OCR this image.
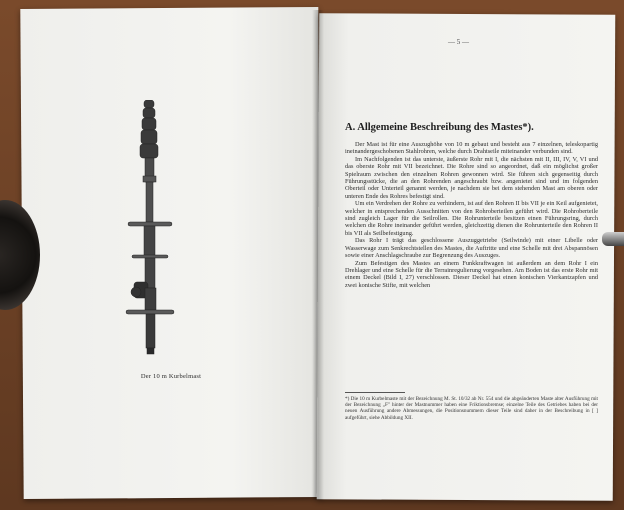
Der 10 m Kurbelmast
— 5 —
A. Allgemeine Beschreibung des Mastes*).

Der Mast ist für eine Auszughöhe von 10 m gebaut und besteht aus 7 einzelnen, teleskopartig ineinandergeschobenen Stahlrohren, welche durch Drahtseile miteinander verbunden sind.

Im Nachfolgenden ist das unterste, äußerste Rohr mit I, die nächsten mit II, III, IV, V, VI und das oberste Rohr mit VII bezeichnet. Die Rohre sind so angeordnet, daß ein möglichst großer Spielraum zwischen den einzelnen Rohren gewonnen wird. Sie führen sich gegenseitig durch Führungsstücke, die an den Rohrenden angeschraubt bzw. angenietet sind und im folgenden Oberteil oder Unterteil genannt werden, je nachdem sie bei dem stehenden Mast am oberen oder unteren Ende des Rohres befestigt sind.

Um ein Verdrehen der Rohre zu verhindern, ist auf den Rohren II bis VII je ein Keil aufgenietet, welcher in entsprechenden Ausschnitten von den Rohroberteilen geführt wird. Die Rohroberteile sind zugleich Lager für die Seilrollen. Die Rohrunterteile besitzen einen Führungsring, durch welchen die Rohre ineinander geführt werden, gleichzeitig dienen die Rohrunterteile den Rohren II bis VII als Seilbefestigung.

Das Rohr I trägt das geschlossene Auszuggetriebe (Seilwinde) mit einer Libelle oder Wasserwage zum Senkrechtstellen des Mastes, die Auftritte und eine Schelle mit drei Abspannösen sowie einer Anschlagschraube zur Begrenzung des Auszuges.

Zum Befestigen des Mastes an einem Funkkraftwagen ist außerdem an dem Rohr I ein Drehlager und eine Schelle für die Terrainregulierung vorgesehen. Am Boden ist das erste Rohr mit einem Deckel (Bild I, 27) verschlossen. Dieser Deckel hat einen konischen Vierkantzapfen und zwei konische Stifte, mit welchen

*) Die 10 m Kurbelmaste mit der Bezeichnung M. St. 10/32 ab Nr. 554 und die abgeänderten Maste alter Ausführung mit der Bezeichnung „F" hinter der Mastnummer haben eine Friktionsbremse; einzelne Teile des Getriebes haben bei der neuen Ausführung andere Abmessungen, die Positionsnummern dieser Teile sind daher in der Beschreibung in [ ] aufgeführt, siehe Abbildung XII.
